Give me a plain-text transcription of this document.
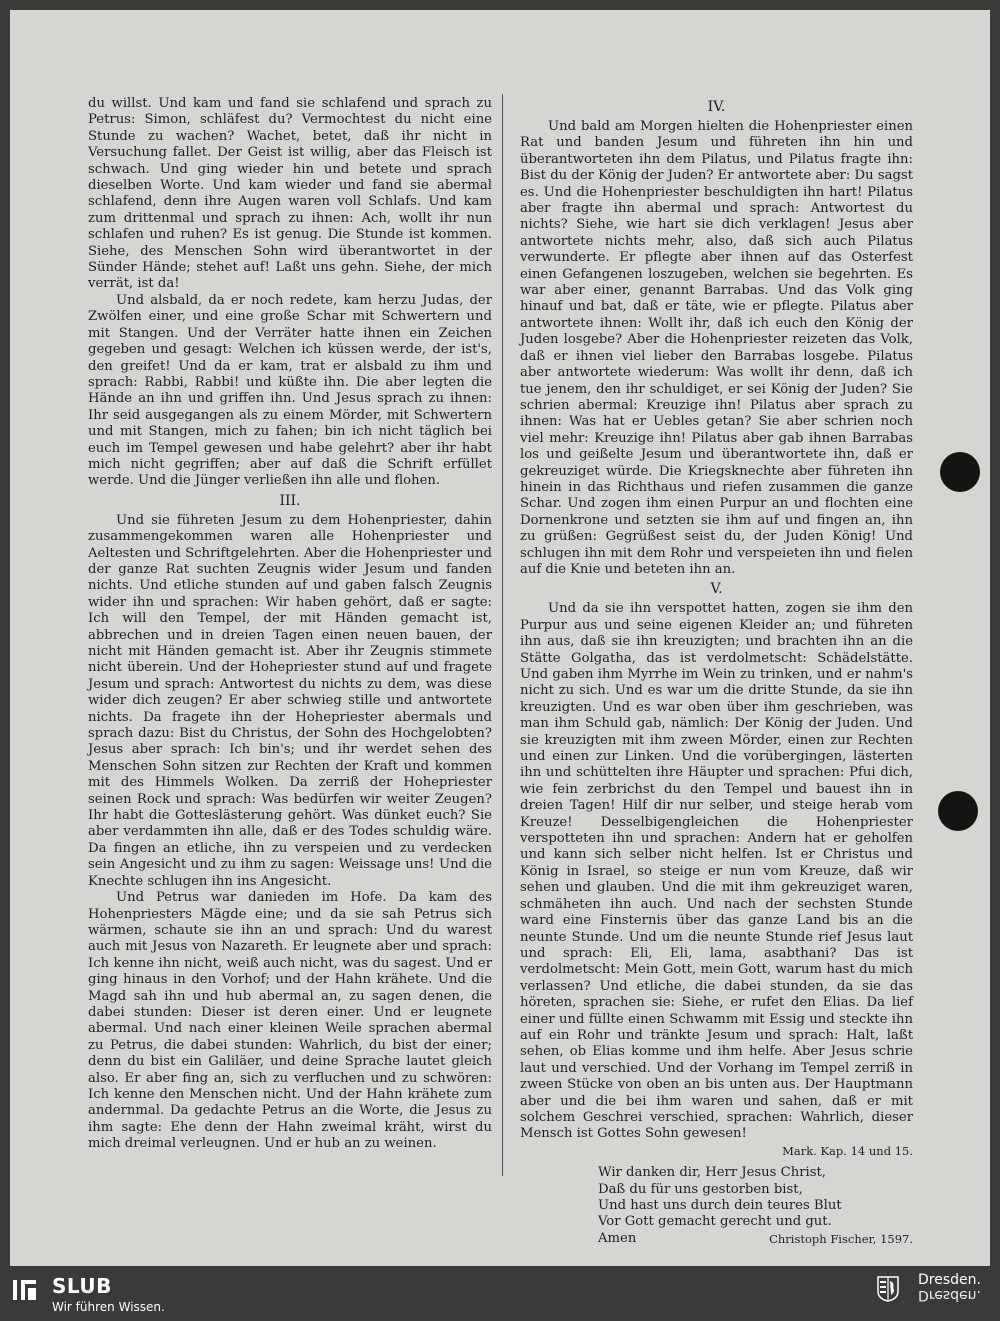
du willst. Und kam und fand sie schlafend und sprach zu Petrus: Simon, schläfest du? Vermochtest du nicht eine Stunde zu wachen? Wachet, betet, daß ihr nicht in Versuchung fallet. Der Geist ist willig, aber das Fleisch ist schwach. Und ging wieder hin und betete und sprach dieselben Worte. Und kam wieder und fand sie abermal schlafend, denn ihre Augen waren voll Schlafs. Und kam zum drittenmal und sprach zu ihnen: Ach, wollt ihr nun schlafen und ruhen? Es ist genug. Die Stunde ist kommen. Siehe, des Menschen Sohn wird überantwortet in der Sünder Hände; stehet auf! Laßt uns gehn. Siehe, der mich verrät, ist da!

Und alsbald, da er noch redete, kam herzu Judas, der Zwölfen einer, und eine große Schar mit Schwertern und mit Stangen. Und der Verräter hatte ihnen ein Zeichen gegeben und gesagt: Welchen ich küssen werde, der ist's, den greifet! Und da er kam, trat er alsbald zu ihm und sprach: Rabbi, Rabbi! und küßte ihn. Die aber legten die Hände an ihn und griffen ihn. Und Jesus sprach zu ihnen: Ihr seid ausgegangen als zu einem Mörder, mit Schwertern und mit Stangen, mich zu fahen; bin ich nicht täglich bei euch im Tempel gewesen und habe gelehrt? aber ihr habt mich nicht gegriffen; aber auf daß die Schrift erfüllet werde. Und die Jünger verließen ihn alle und flohen.

III.

Und sie führeten Jesum zu dem Hohenpriester, dahin zusammengekommen waren alle Hohenpriester und Aeltesten und Schriftgelehrten. Aber die Hohenpriester und der ganze Rat suchten Zeugnis wider Jesum und fanden nichts. Und etliche stunden auf und gaben falsch Zeugnis wider ihn und sprachen: Wir haben gehört, daß er sagte: Ich will den Tempel, der mit Händen gemacht ist, abbrechen und in dreien Tagen einen neuen bauen, der nicht mit Händen gemacht ist. Aber ihr Zeugnis stimmete nicht überein. Und der Hohepriester stund auf und fragete Jesum und sprach: Antwortest du nichts zu dem, was diese wider dich zeugen? Er aber schwieg stille und antwortete nichts. Da fragete ihn der Hohepriester abermals und sprach dazu: Bist du Christus, der Sohn des Hochgelobten? Jesus aber sprach: Ich bin's; und ihr werdet sehen des Menschen Sohn sitzen zur Rechten der Kraft und kommen mit des Himmels Wolken. Da zerriß der Hohepriester seinen Rock und sprach: Was bedürfen wir weiter Zeugen? Ihr habt die Gotteslästerung gehört. Was dünket euch? Sie aber verdammten ihn alle, daß er des Todes schuldig wäre. Da fingen an etliche, ihn zu verspeien und zu verdecken sein Angesicht und zu ihm zu sagen: Weissage uns! Und die Knechte schlugen ihn ins Angesicht.

Und Petrus war danieden im Hofe. Da kam des Hohenpriesters Mägde eine; und da sie sah Petrus sich wärmen, schaute sie ihn an und sprach: Und du warest auch mit Jesus von Nazareth. Er leugnete aber und sprach: Ich kenne ihn nicht, weiß auch nicht, was du sagest. Und er ging hinaus in den Vorhof; und der Hahn krähete. Und die Magd sah ihn und hub abermal an, zu sagen denen, die dabei stunden: Dieser ist deren einer. Und er leugnete abermal. Und nach einer kleinen Weile sprachen abermal zu Petrus, die dabei stunden: Wahrlich, du bist der einer; denn du bist ein Galiläer, und deine Sprache lautet gleich also. Er aber fing an, sich zu verfluchen und zu schwören: Ich kenne den Menschen nicht. Und der Hahn krähete zum andernmal. Da gedachte Petrus an die Worte, die Jesus zu ihm sagte: Ehe denn der Hahn zweimal kräht, wirst du mich dreimal verleugnen. Und er hub an zu weinen.

IV.

Und bald am Morgen hielten die Hohenpriester einen Rat und banden Jesum und führeten ihn hin und überantworteten ihn dem Pilatus, und Pilatus fragte ihn: Bist du der König der Juden? Er antwortete aber: Du sagst es. Und die Hohenpriester beschuldigten ihn hart! Pilatus aber fragte ihn abermal und sprach: Antwortest du nichts? Siehe, wie hart sie dich verklagen! Jesus aber antwortete nichts mehr, also, daß sich auch Pilatus verwunderte. Er pflegte aber ihnen auf das Osterfest einen Gefangenen loszugeben, welchen sie begehrten. Es war aber einer, genannt Barrabas. Und das Volk ging hinauf und bat, daß er täte, wie er pflegte. Pilatus aber antwortete ihnen: Wollt ihr, daß ich euch den König der Juden losgebe? Aber die Hohenpriester reizeten das Volk, daß er ihnen viel lieber den Barrabas losgebe. Pilatus aber antwortete wiederum: Was wollt ihr denn, daß ich tue jenem, den ihr schuldiget, er sei König der Juden? Sie schrien abermal: Kreuzige ihn! Pilatus aber sprach zu ihnen: Was hat er Uebles getan? Sie aber schrien noch viel mehr: Kreuzige ihn! Pilatus aber gab ihnen Barrabas los und geißelte Jesum und überantwortete ihn, daß er gekreuziget würde. Die Kriegsknechte aber führeten ihn hinein in das Richthaus und riefen zusammen die ganze Schar. Und zogen ihm einen Purpur an und flochten eine Dornenkrone und setzten sie ihm auf und fingen an, ihn zu grüßen: Gegrüßest seist du, der Juden König! Und schlugen ihn mit dem Rohr und verspeieten ihn und fielen auf die Knie und beteten ihn an.

V.

Und da sie ihn verspottet hatten, zogen sie ihm den Purpur aus und seine eigenen Kleider an; und führeten ihn aus, daß sie ihn kreuzigten; und brachten ihn an die Stätte Golgatha, das ist verdolmetscht: Schädelstätte. Und gaben ihm Myrrhe im Wein zu trinken, und er nahm's nicht zu sich. Und es war um die dritte Stunde, da sie ihn kreuzigten. Und es war oben über ihm geschrieben, was man ihm Schuld gab, nämlich: Der König der Juden. Und sie kreuzigten mit ihm zween Mörder, einen zur Rechten und einen zur Linken. Und die vorübergingen, lästerten ihn und schüttelten ihre Häupter und sprachen: Pfui dich, wie fein zerbrichst du den Tempel und bauest ihn in dreien Tagen! Hilf dir nur selber, und steige herab vom Kreuze! Desselbigengleichen die Hohenpriester verspotteten ihn und sprachen: Andern hat er geholfen und kann sich selber nicht helfen. Ist er Christus und König in Israel, so steige er nun vom Kreuze, daß wir sehen und glauben. Und die mit ihm gekreuziget waren, schmäheten ihn auch. Und nach der sechsten Stunde ward eine Finsternis über das ganze Land bis an die neunte Stunde. Und um die neunte Stunde rief Jesus laut und sprach: Eli, Eli, lama, asabthani? Das ist verdolmetscht: Mein Gott, mein Gott, warum hast du mich verlassen? Und etliche, die dabei stunden, da sie das höreten, sprachen sie: Siehe, er rufet den Elias. Da lief einer und füllte einen Schwamm mit Essig und steckte ihn auf ein Rohr und tränkte Jesum und sprach: Halt, laßt sehen, ob Elias komme und ihm helfe. Aber Jesus schrie laut und verschied. Und der Vorhang im Tempel zerriß in zween Stücke von oben an bis unten aus. Der Hauptmann aber und die bei ihm waren und sahen, daß er mit solchem Geschrei verschied, sprachen: Wahrlich, dieser Mensch ist Gottes Sohn gewesen!

Mark. Kap. 14 und 15.
Wir danken dir, Herr Jesus Christ,
Daß du für uns gestorben bist,
Und hast uns durch dein teures Blut
Vor Gott gemacht gerecht und gut.
Amen	Christoph Fischer, 1597.
SLUB
Wir führen Wissen.
Dresden.
Dresden.
